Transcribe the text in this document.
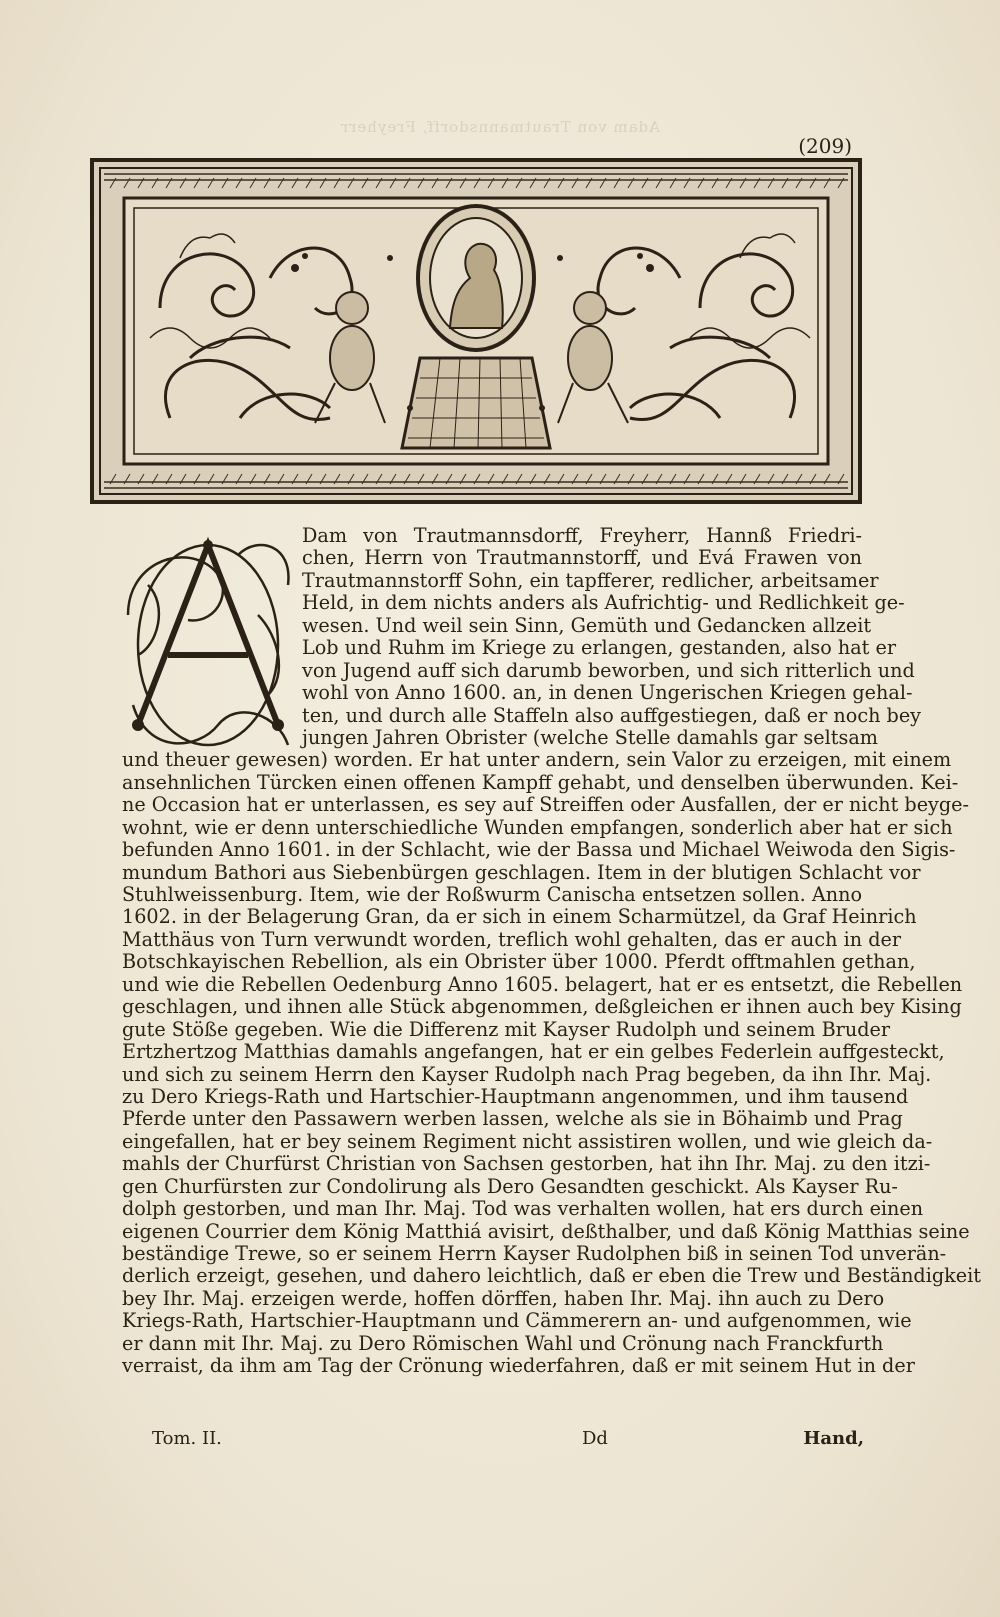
Adam von Trautmannsdorff, Freyherr
(209)
Dam von Trautmannsdorff, Freyherr, Hannß Friedri-
chen, Herrn von Trautmannstorff, und Evá Frawen von
Trautmannstorff Sohn, ein tapfferer, redlicher, arbeitsamer
Held, in dem nichts anders als Aufrichtig- und Redlichkeit ge-
wesen. Und weil sein Sinn, Gemüth und Gedancken allzeit
Lob und Ruhm im Kriege zu erlangen, gestanden, also hat er
von Jugend auff sich darumb beworben, und sich ritterlich und
wohl von Anno 1600. an, in denen Ungerischen Kriegen gehal-
ten, und durch alle Staffeln also auffgestiegen, daß er noch bey
jungen Jahren Obrister (welche Stelle damahls gar seltsam
und theuer gewesen) worden. Er hat unter andern, sein Valor zu erzeigen, mit einem
ansehnlichen Türcken einen offenen Kampff gehabt, und denselben überwunden. Kei-
ne Occasion hat er unterlassen, es sey auf Streiffen oder Ausfallen, der er nicht beyge-
wohnt, wie er denn unterschiedliche Wunden empfangen, sonderlich aber hat er sich
befunden Anno 1601. in der Schlacht, wie der Bassa und Michael Weiwoda den Sigis-
mundum Bathori aus Siebenbürgen geschlagen. Item in der blutigen Schlacht vor
Stuhlweissenburg. Item, wie der Roßwurm Canischa entsetzen sollen. Anno
1602. in der Belagerung Gran, da er sich in einem Scharmützel, da Graf Heinrich
Matthäus von Turn verwundt worden, treflich wohl gehalten, das er auch in der
Botschkayischen Rebellion, als ein Obrister über 1000. Pferdt offtmahlen gethan,
und wie die Rebellen Oedenburg Anno 1605. belagert, hat er es entsetzt, die Rebellen
geschlagen, und ihnen alle Stück abgenommen, deßgleichen er ihnen auch bey Kising
gute Stöße gegeben. Wie die Differenz mit Kayser Rudolph und seinem Bruder
Ertzhertzog Matthias damahls angefangen, hat er ein gelbes Federlein auffgesteckt,
und sich zu seinem Herrn den Kayser Rudolph nach Prag begeben, da ihn Ihr. Maj.
zu Dero Kriegs-Rath und Hartschier-Hauptmann angenommen, und ihm tausend
Pferde unter den Passawern werben lassen, welche als sie in Böhaimb und Prag
eingefallen, hat er bey seinem Regiment nicht assistiren wollen, und wie gleich da-
mahls der Churfürst Christian von Sachsen gestorben, hat ihn Ihr. Maj. zu den itzi-
gen Churfürsten zur Condolirung als Dero Gesandten geschickt. Als Kayser Ru-
dolph gestorben, und man Ihr. Maj. Tod was verhalten wollen, hat ers durch einen
eigenen Courrier dem König Matthiá avisirt, deßthalber, und daß König Matthias seine
beständige Trewe, so er seinem Herrn Kayser Rudolphen biß in seinen Tod unverän-
derlich erzeigt, gesehen, und dahero leichtlich, daß er eben die Trew und Beständigkeit
bey Ihr. Maj. erzeigen werde, hoffen dörffen, haben Ihr. Maj. ihn auch zu Dero
Kriegs-Rath, Hartschier-Hauptmann und Cämmerern an- und aufgenommen, wie
er dann mit Ihr. Maj. zu Dero Römischen Wahl und Crönung nach Franckfurth
verraist, da ihm am Tag der Crönung wiederfahren, daß er mit seinem Hut in der
Tom. II.	Dd	Hand,
